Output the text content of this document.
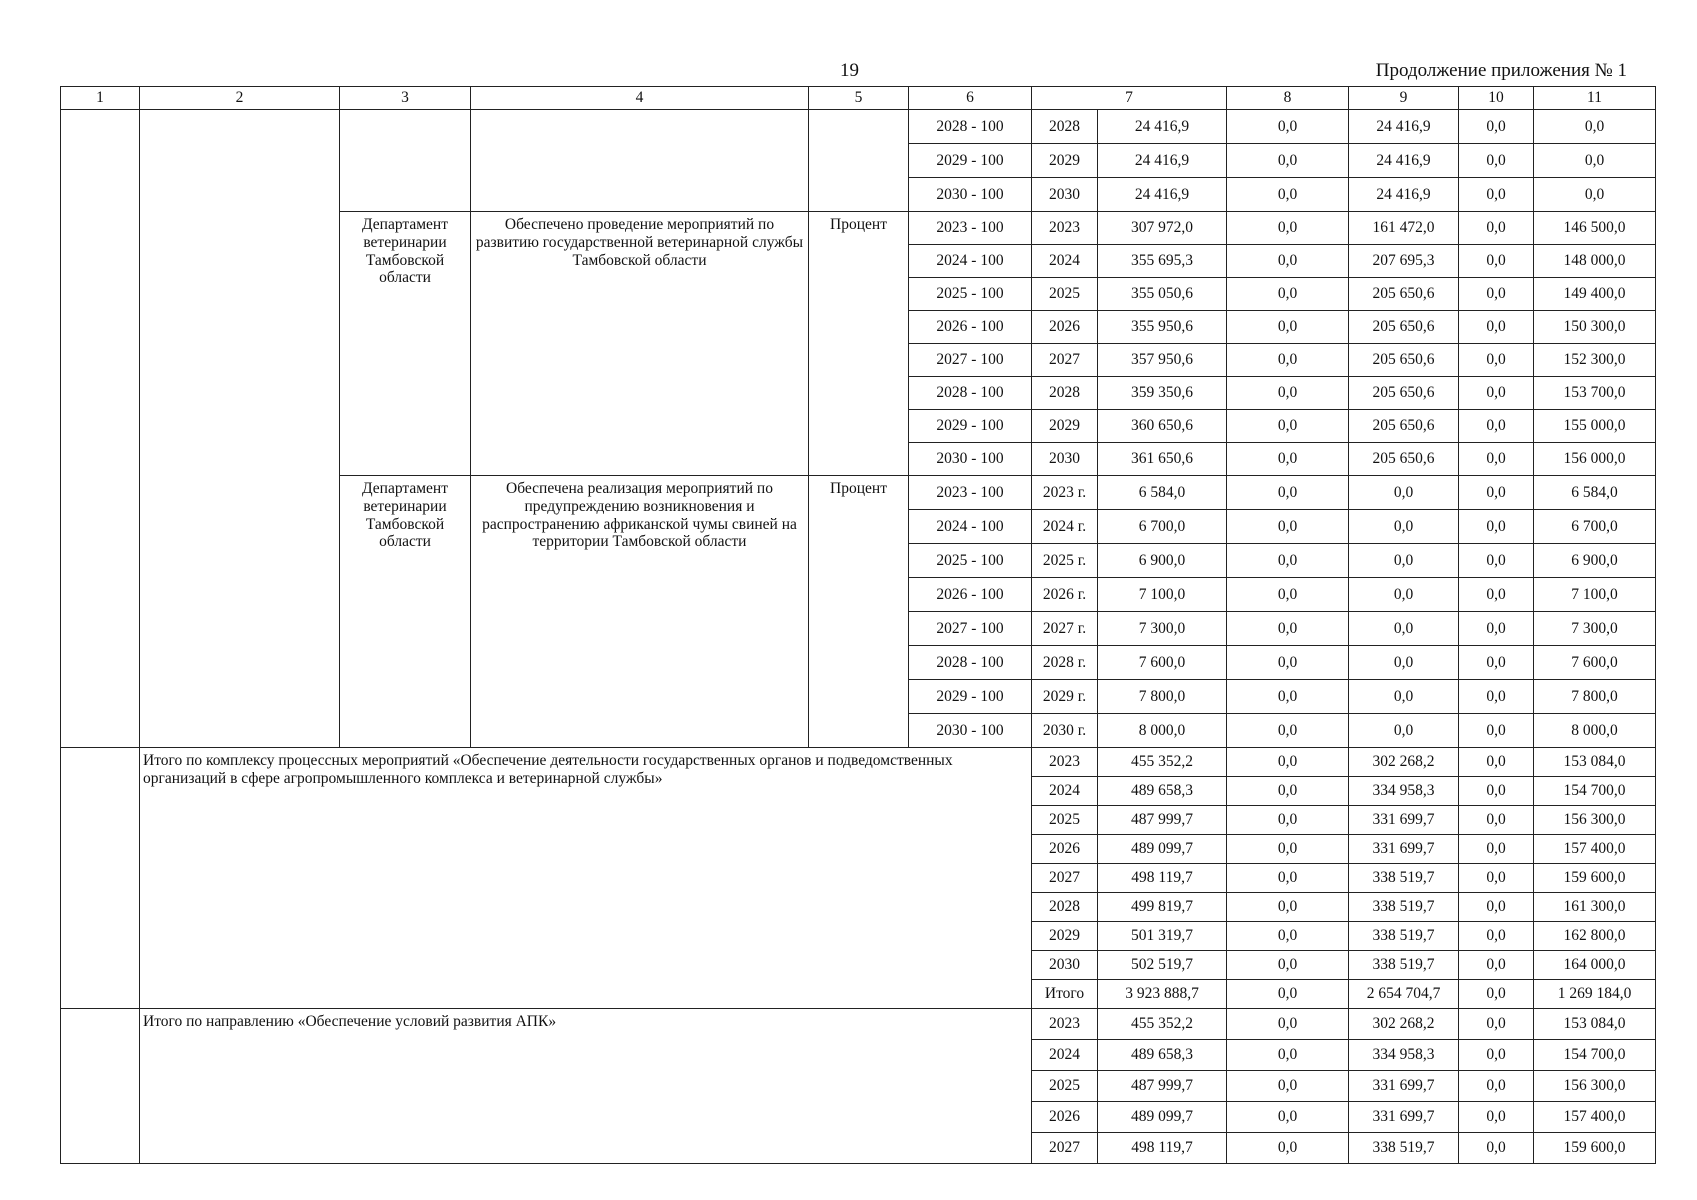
19	Продолжение приложения № 1
1	2	3	4	5	6	7		8	9	10	11
					2028 - 100	2028	24 416,9	0,0	24 416,9	0,0	0,0
					2029 - 100	2029	24 416,9	0,0	24 416,9	0,0	0,0
					2030 - 100	2030	24 416,9	0,0	24 416,9	0,0	0,0
		Департамент ветеринарии Тамбовской области	Обеспечено проведение мероприятий по развитию государственной ветеринарной службы Тамбовской области	Процент	2023 - 100	2023	307 972,0	0,0	161 472,0	0,0	146 500,0
					2024 - 100	2024	355 695,3	0,0	207 695,3	0,0	148 000,0
					2025 - 100	2025	355 050,6	0,0	205 650,6	0,0	149 400,0
					2026 - 100	2026	355 950,6	0,0	205 650,6	0,0	150 300,0
					2027 - 100	2027	357 950,6	0,0	205 650,6	0,0	152 300,0
					2028 - 100	2028	359 350,6	0,0	205 650,6	0,0	153 700,0
					2029 - 100	2029	360 650,6	0,0	205 650,6	0,0	155 000,0
					2030 - 100	2030	361 650,6	0,0	205 650,6	0,0	156 000,0
		Департамент ветеринарии Тамбовской области	Обеспечена реализация мероприятий по предупреждению возникновения и распространению африканской чумы свиней на территории Тамбовской области	Процент	2023 - 100	2023 г.	6 584,0	0,0	0,0	0,0	6 584,0
					2024 - 100	2024 г.	6 700,0	0,0	0,0	0,0	6 700,0
					2025 - 100	2025 г.	6 900,0	0,0	0,0	0,0	6 900,0
					2026 - 100	2026 г.	7 100,0	0,0	0,0	0,0	7 100,0
					2027 - 100	2027 г.	7 300,0	0,0	0,0	0,0	7 300,0
					2028 - 100	2028 г.	7 600,0	0,0	0,0	0,0	7 600,0
					2029 - 100	2029 г.	7 800,0	0,0	0,0	0,0	7 800,0
					2030 - 100	2030 г.	8 000,0	0,0	0,0	0,0	8 000,0
	Итого по комплексу процессных мероприятий «Обеспечение деятельности государственных органов и подведомственных организаций в сфере агропромышленного комплекса и ветеринарной службы»					2023	455 352,2	0,0	302 268,2	0,0	153 084,0
						2024	489 658,3	0,0	334 958,3	0,0	154 700,0
						2025	487 999,7	0,0	331 699,7	0,0	156 300,0
						2026	489 099,7	0,0	331 699,7	0,0	157 400,0
						2027	498 119,7	0,0	338 519,7	0,0	159 600,0
						2028	499 819,7	0,0	338 519,7	0,0	161 300,0
						2029	501 319,7	0,0	338 519,7	0,0	162 800,0
						2030	502 519,7	0,0	338 519,7	0,0	164 000,0
						Итого	3 923 888,7	0,0	2 654 704,7	0,0	1 269 184,0
	Итого по направлению «Обеспечение условий развития АПК»					2023	455 352,2	0,0	302 268,2	0,0	153 084,0
						2024	489 658,3	0,0	334 958,3	0,0	154 700,0
						2025	487 999,7	0,0	331 699,7	0,0	156 300,0
						2026	489 099,7	0,0	331 699,7	0,0	157 400,0
						2027	498 119,7	0,0	338 519,7	0,0	159 600,0
